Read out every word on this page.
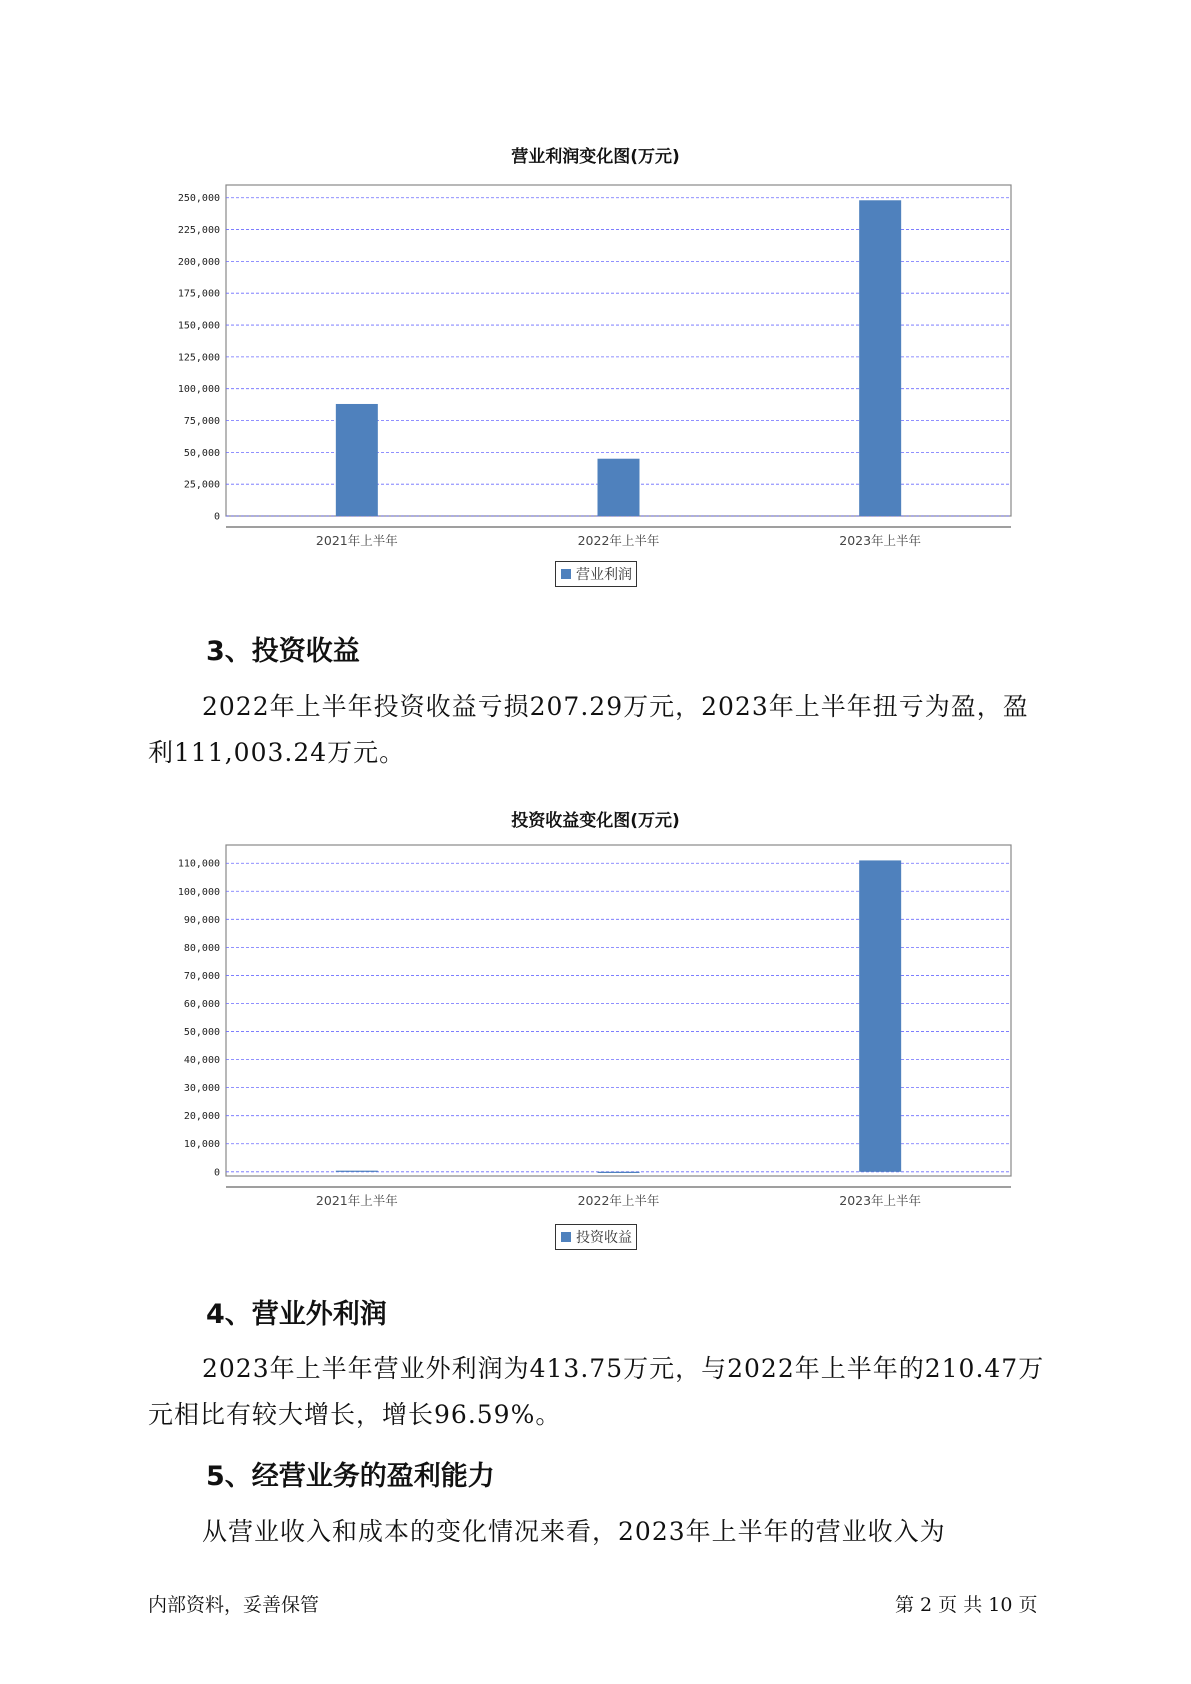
营业利润变化图(万元)
0
25,000
50,000
75,000
100,000
125,000
150,000
175,000
200,000
225,000
250,000
2021年上半年	2022年上半年	2023年上半年
营业利润
3、投资收益
2022年上半年投资收益亏损207.29万元，2023年上半年扭亏为盈，盈
利111,003.24万元。
投资收益变化图(万元)
0
10,000
20,000
30,000
40,000
50,000
60,000
70,000
80,000
90,000
100,000
110,000
2021年上半年	2022年上半年	2023年上半年
投资收益
4、营业外利润
2023年上半年营业外利润为413.75万元，与2022年上半年的210.47万
元相比有较大增长，增长96.59%。
5、经营业务的盈利能力
从营业收入和成本的变化情况来看，2023年上半年的营业收入为
内部资料，妥善保管	第 2 页 共 10 页
